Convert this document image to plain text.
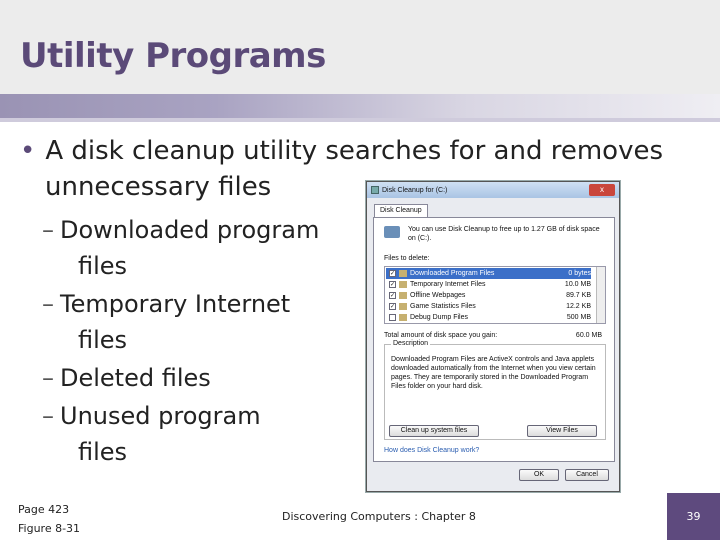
Utility Programs
• A disk cleanup utility searches for and removes
unnecessary files
– Downloaded program
files
– Temporary Internet
files
– Deleted files
– Unused program
files
Disk Cleanup for (C:)	x
Disk Cleanup
You can use Disk Cleanup to free up to 1.27 GB of disk space on (C:).
Files to delete:
✓ Downloaded Program Files	0 bytes
✓ Temporary Internet Files	10.0 MB
✓ Offline Webpages	89.7 KB
✓ Game Statistics Files	12.2 KB
Debug Dump Files	500 MB
Total amount of disk space you gain:	60.0 MB
Description
Downloaded Program Files are ActiveX controls and Java applets downloaded automatically from the Internet when you view certain pages. They are temporarily stored in the Downloaded Program Files folder on your hard disk.
Clean up system files	View Files
How does Disk Cleanup work?
OK	Cancel
Page 423
Figure 8-31
Discovering Computers : Chapter 8	39
